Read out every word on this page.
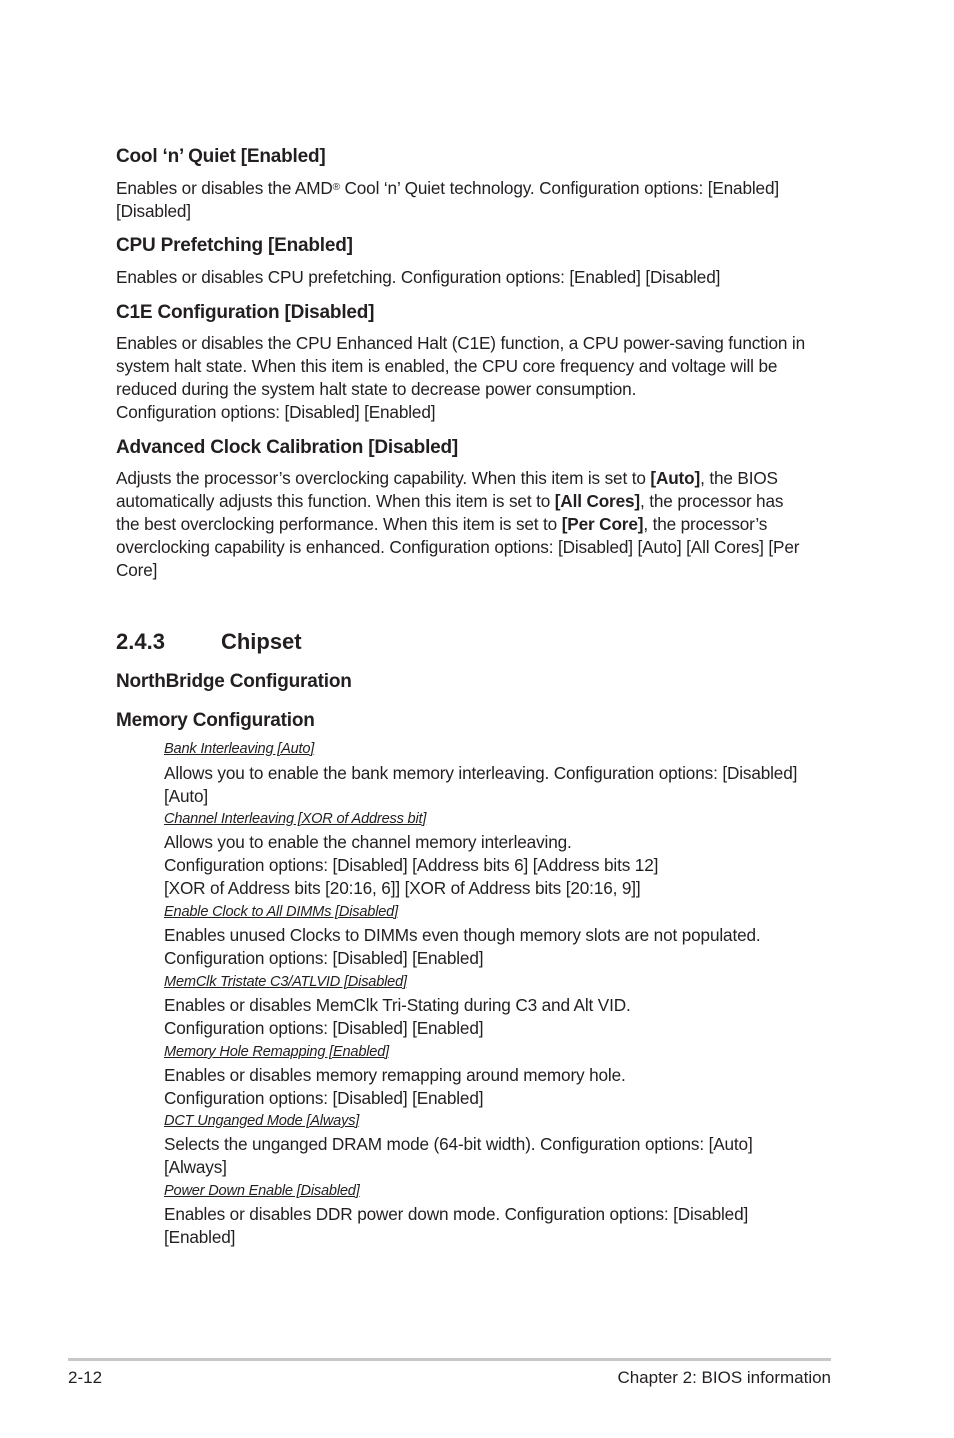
Cool ‘n’ Quiet [Enabled]
Enables or disables the AMD® Cool ‘n’ Quiet technology. Configuration options: [Enabled] [Disabled]
CPU Prefetching [Enabled]
Enables or disables CPU prefetching. Configuration options: [Enabled] [Disabled]
C1E Configuration [Disabled]
Enables or disables the CPU Enhanced Halt (C1E) function, a CPU power-saving function in system halt state. When this item is enabled, the CPU core frequency and voltage will be reduced during the system halt state to decrease power consumption.
Configuration options: [Disabled] [Enabled]
Advanced Clock Calibration [Disabled]
Adjusts the processor’s overclocking capability. When this item is set to [Auto], the BIOS automatically adjusts this function. When this item is set to [All Cores], the processor has the best overclocking performance. When this item is set to [Per Core], the processor’s overclocking capability is enhanced. Configuration options: [Disabled] [Auto] [All Cores] [Per Core]
2.4.3	Chipset
NorthBridge Configuration
Memory Configuration
Bank Interleaving [Auto]
Allows you to enable the bank memory interleaving. Configuration options: [Disabled] [Auto]
Channel Interleaving [XOR of Address bit]
Allows you to enable the channel memory interleaving.
Configuration options: [Disabled] [Address bits 6] [Address bits 12]
[XOR of Address bits [20:16, 6]] [XOR of Address bits [20:16, 9]]
Enable Clock to All DIMMs [Disabled]
Enables unused Clocks to DIMMs even though memory slots are not populated.
Configuration options: [Disabled] [Enabled]
MemClk Tristate C3/ATLVID [Disabled]
Enables or disables MemClk Tri-Stating during C3 and Alt VID.
Configuration options: [Disabled] [Enabled]
Memory Hole Remapping [Enabled]
Enables or disables memory remapping around memory hole.
Configuration options: [Disabled] [Enabled]
DCT Unganged Mode [Always]
Selects the unganged DRAM mode (64-bit width). Configuration options: [Auto] [Always]
Power Down Enable [Disabled]
Enables or disables DDR power down mode. Configuration options: [Disabled] [Enabled]
2-12	Chapter 2: BIOS information
